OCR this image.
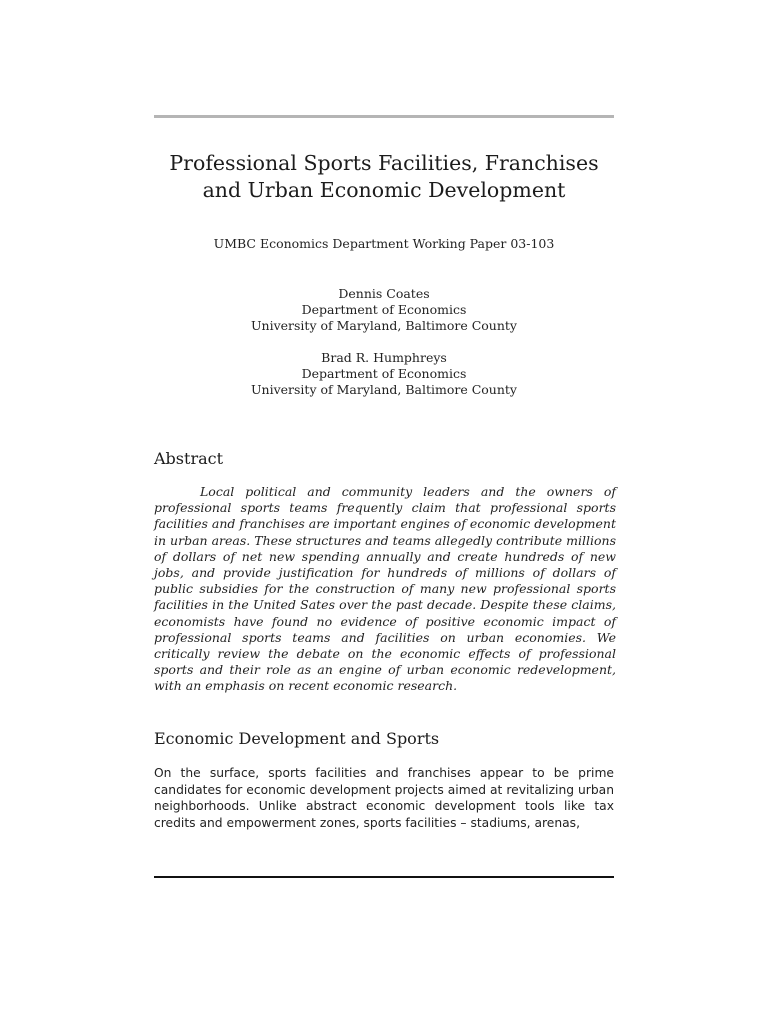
Professional Sports Facilities, Franchises
and Urban Economic Development
UMBC Economics Department Working Paper 03-103
Dennis Coates
Department of Economics
University of Maryland, Baltimore County
Brad R. Humphreys
Department of Economics
University of Maryland, Baltimore County
Abstract
Local political and community leaders and the owners of professional sports teams frequently claim that professional sports facilities and franchises are important engines of economic development in urban areas. These structures and teams allegedly contribute millions of dollars of net new spending annually and create hundreds of new jobs, and provide justification for hundreds of millions of dollars of public subsidies for the construction of many new professional sports facilities in the United Sates over the past decade. Despite these claims, economists have found no evidence of positive economic impact of professional sports teams and facilities on urban economies. We critically review the debate on the economic effects of professional sports and their role as an engine of urban economic redevelopment, with an emphasis on recent economic research.
Economic Development and Sports
On the surface, sports facilities and franchises appear to be prime candidates for economic development projects aimed at revitalizing urban neighborhoods. Unlike abstract economic development tools like tax credits and empowerment zones, sports facilities – stadiums, arenas,
